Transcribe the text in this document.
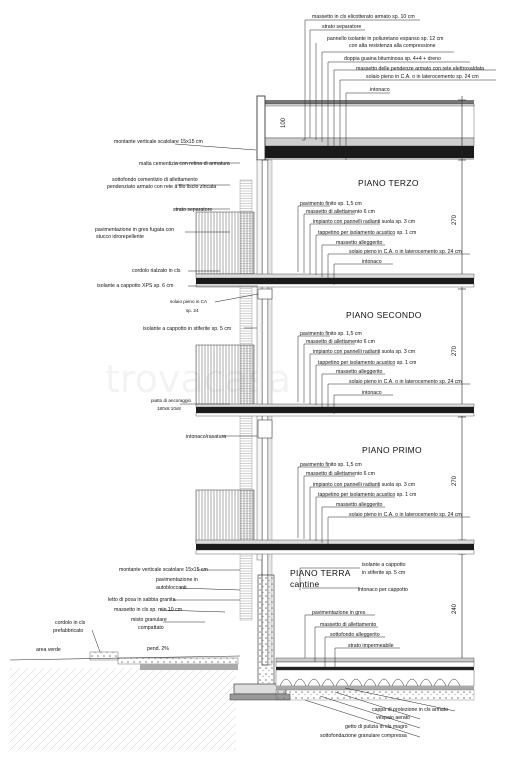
massetto in cls elicotterato armato sp. 10 cm
strato separatore
pannello isolante in poliuretano espanso sp. 12 cm
con alta resistenza alla compressione
doppia guaina bituminosa sp. 4+4 + dreno
massetto delle pendenze armato con rete elettrosaldata
solaio pieno in C.A. o in laterocemento sp. 24 cm
intonaco
100
270
270
270
240
PIANO TERZO
PIANO SECONDO
PIANO PRIMO
PIANO TERRA
cantine
pavimento finito sp. 1,5 cm
massetto di allettamento 6 cm
impianto con pannelli radianti suola sp. 3 cm
tappetino per isolamento acustico sp. 1 cm
massetto alleggerito
solaio pieno in C.A. o in laterocemento sp. 24 cm
intonaco
pavimento finito sp. 1,5 cm
massetto di allettamento 6 cm
impianto con pannelli radianti suola sp. 3 cm
tappetino per isolamento acustico sp. 1 cm
massetto alleggerito
solaio pieno in C.A. o in laterocemento sp. 24 cm
intonaco
pavimento finito sp. 1,5 cm
massetto di allettamento 6 cm
impianto con pannelli radianti suola sp. 3 cm
tappetino per isolamento acustico sp. 1 cm
massetto alleggerito
solaio pieno in C.A. o in laterocemento sp. 24 cm
montante verticale scatolare 15x15 cm
malta cementizia con retina di armatura
sottofondo cementizio di allettamento
pendenziato armato con rete a filo liscio zincata
strato separatore
pavimentazione in gres fugata con
stucco idrorepellente
cordolo rialzato in cls
isolante a cappotto XPS sp. 6 cm
solaio pieno in CA
sp. 24
isolante a cappotto in stiferite sp. 5 cm
piatto di ancoraggio
180x8 10x8
intonaco/rasatura
montante verticale scatolare 15x15 cm
pavimentazione in
autobloccanti
letto di posa in sabbia granita
massetto in cls sp. min 10 cm
misto granulare
compattato
cordolo in cls
prefabbricato
area verde	pend. 2%
isolante a cappotto
in stiferite sp. 5 cm
intonaco per cappotto
pavimentazione in gres
massetto di allettamento
sottofondo alleggerito
strato impermeabile
cappa di protezione in cls armato
vespaio aerato
getto di pulizia in cls magro
sottofondazione granulare compressa
